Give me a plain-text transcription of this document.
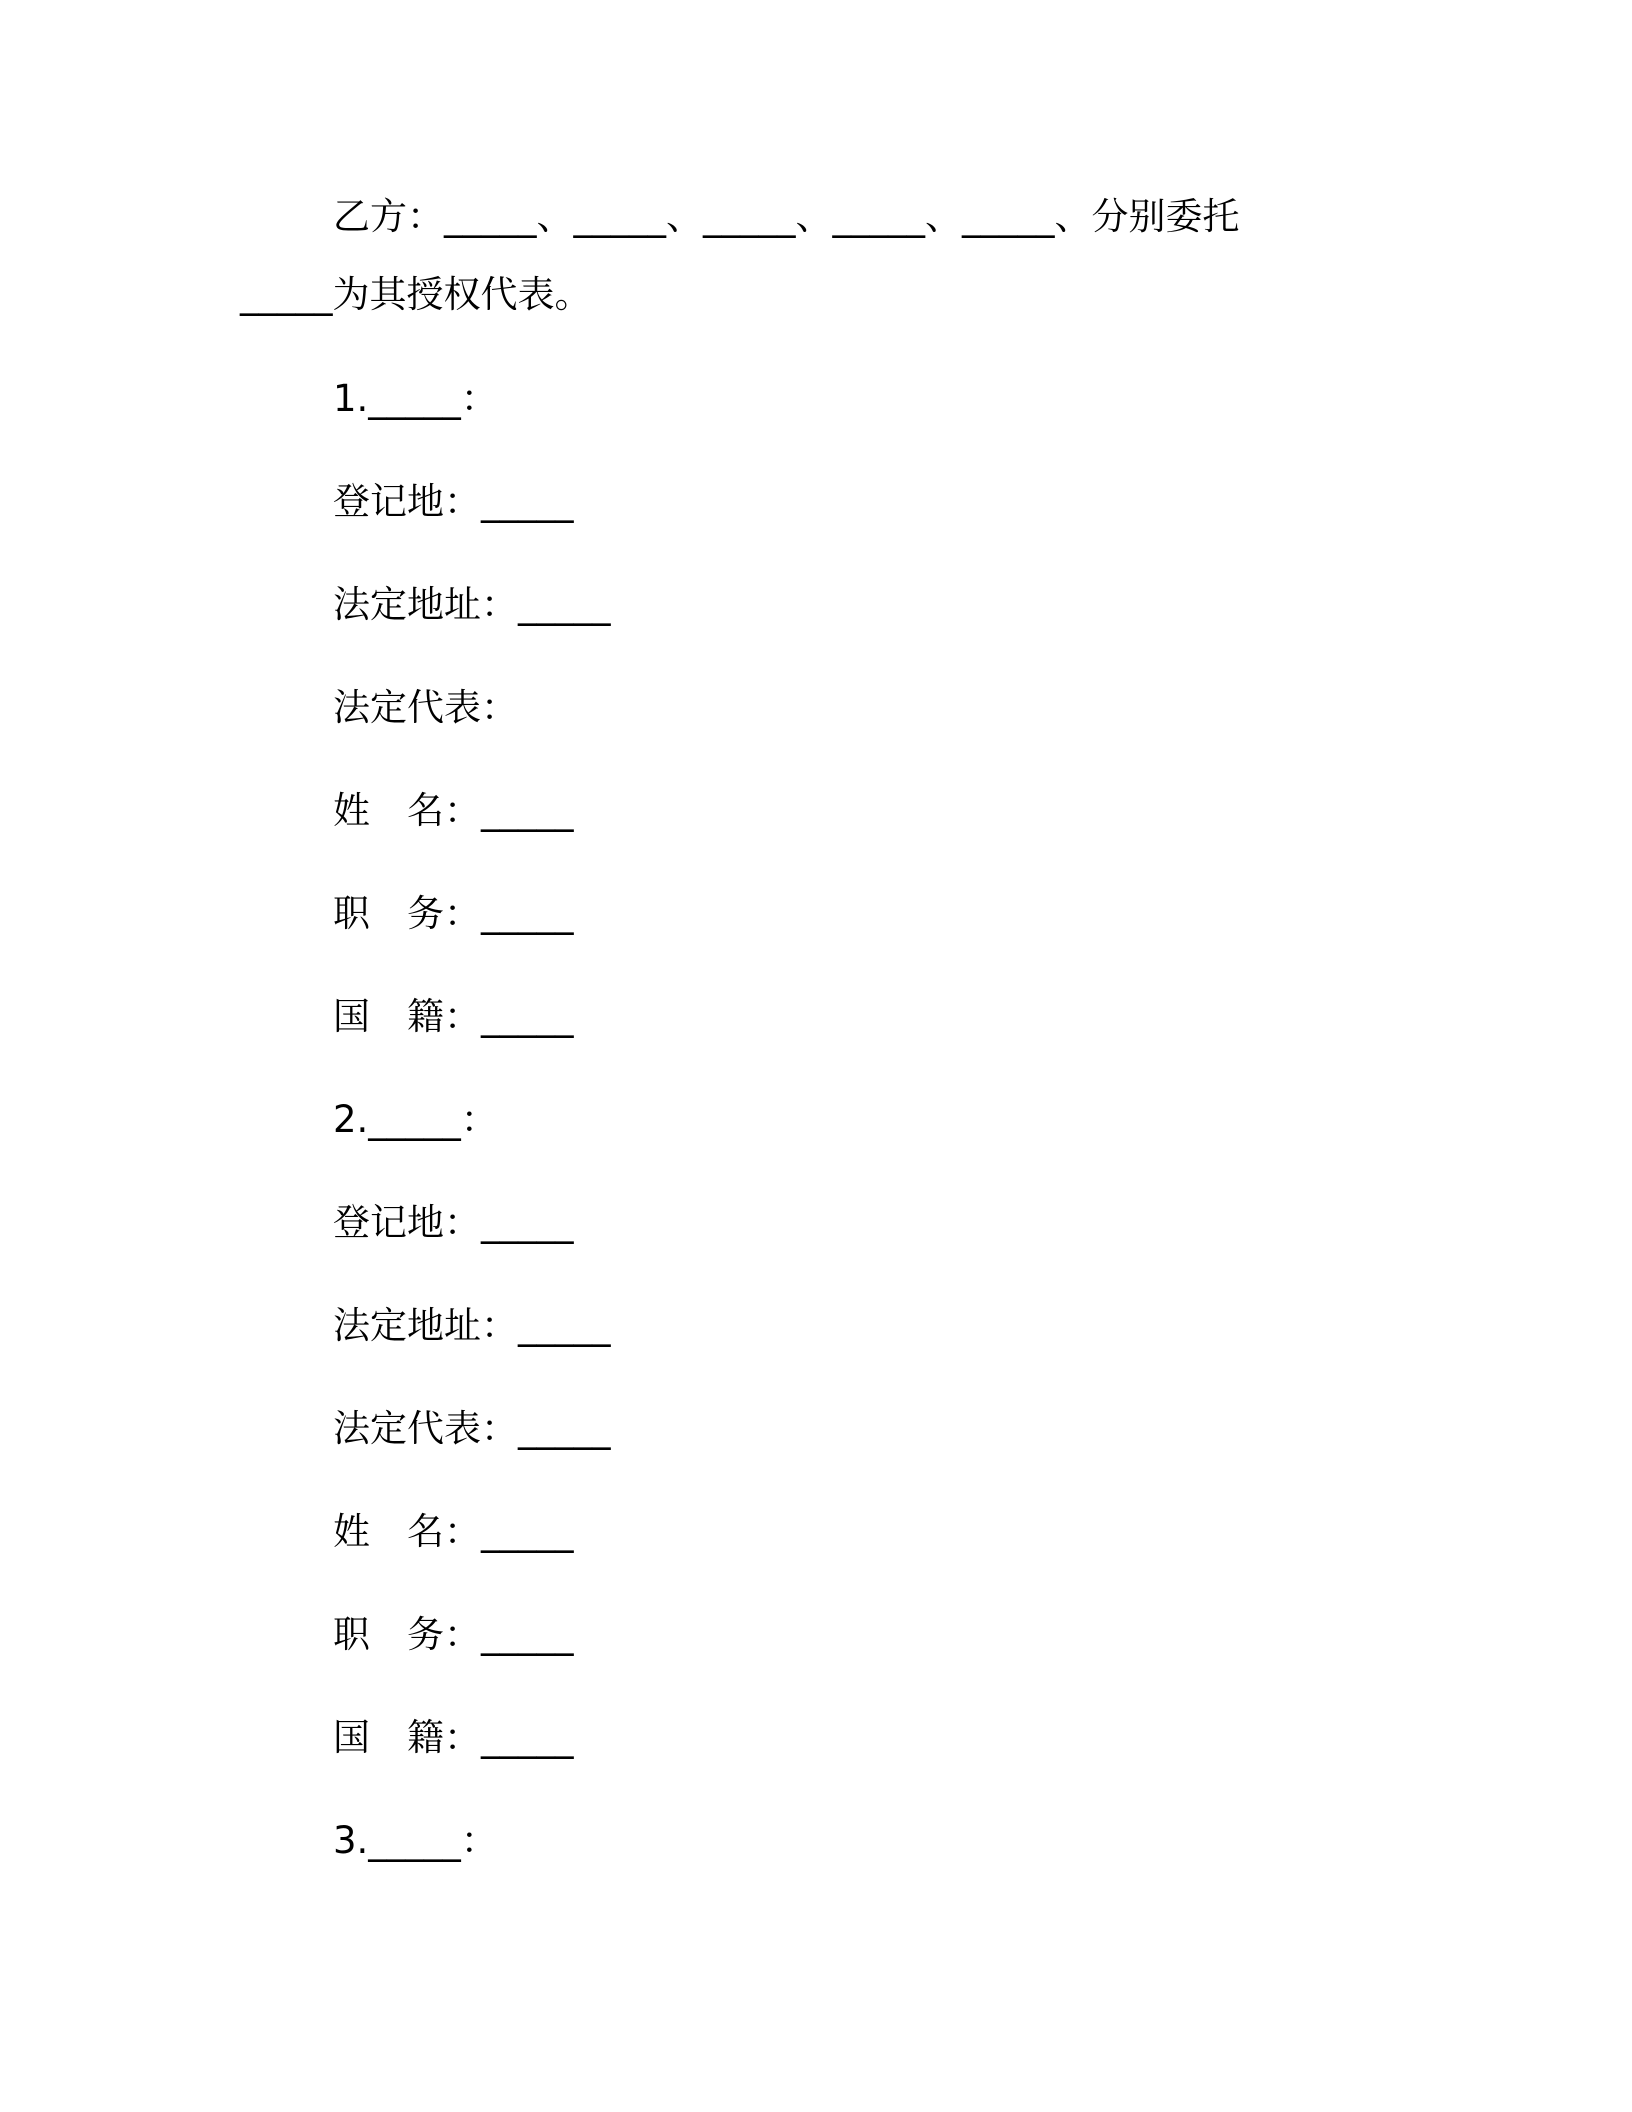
乙方：_____、_____、_____、_____、_____、分别委托
_____为其授权代表。
1._____：
登记地：_____
法定地址：_____
法定代表：
姓　名：_____
职　务：_____
国　籍：_____
2._____：
登记地：_____
法定地址：_____
法定代表：_____
姓　名：_____
职　务：_____
国　籍：_____
3._____：
